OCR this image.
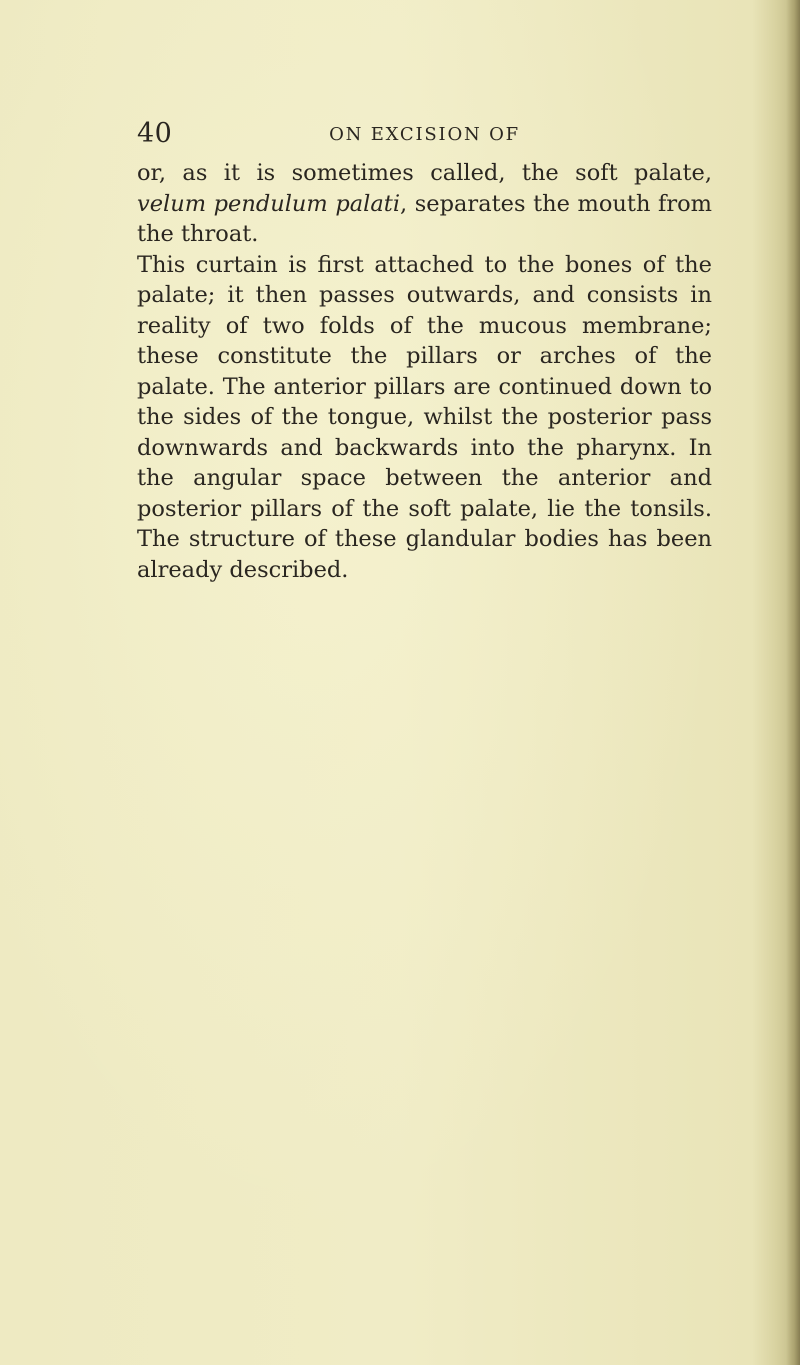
40	ON EXCISION OF

or, as it is sometimes called, the soft palate, velum pendulum palati, separates the mouth from the throat.

This curtain is first attached to the bones of the palate; it then passes outwards, and consists in reality of two folds of the mucous membrane; these constitute the pillars or arches of the palate. The anterior pillars are continued down to the sides of the tongue, whilst the posterior pass downwards and backwards into the pharynx. In the angular space between the anterior and posterior pillars of the soft palate, lie the tonsils. The structure of these glandular bodies has been already described.
